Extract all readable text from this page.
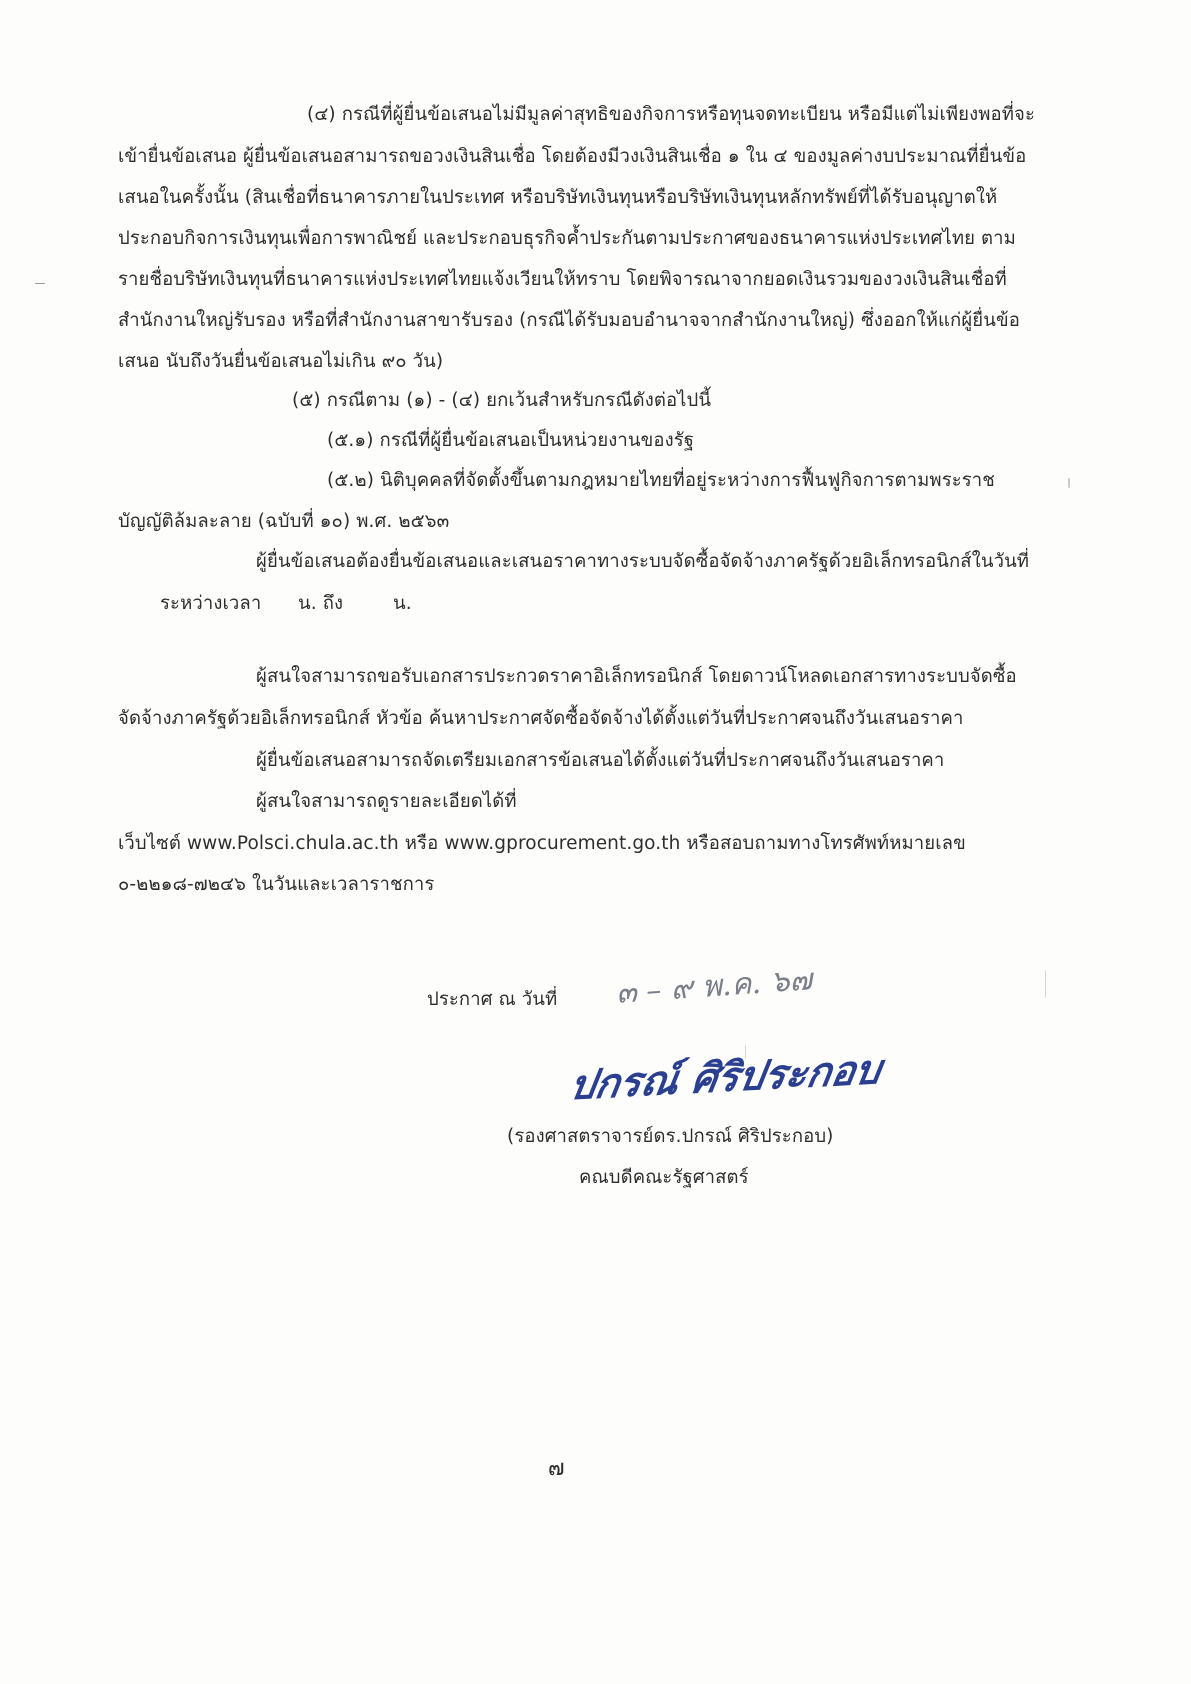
(๔) กรณีที่ผู้ยื่นข้อเสนอไม่มีมูลค่าสุทธิของกิจการหรือทุนจดทะเบียน หรือมีแต่ไม่เพียงพอที่จะ
เข้ายื่นข้อเสนอ ผู้ยื่นข้อเสนอสามารถขอวงเงินสินเชื่อ โดยต้องมีวงเงินสินเชื่อ ๑ ใน ๔ ของมูลค่างบประมาณที่ยื่นข้อ
เสนอในครั้งนั้น (สินเชื่อที่ธนาคารภายในประเทศ หรือบริษัทเงินทุนหรือบริษัทเงินทุนหลักทรัพย์ที่ได้รับอนุญาตให้
ประกอบกิจการเงินทุนเพื่อการพาณิชย์ และประกอบธุรกิจค้ำประกันตามประกาศของธนาคารแห่งประเทศไทย ตาม
รายชื่อบริษัทเงินทุนที่ธนาคารแห่งประเทศไทยแจ้งเวียนให้ทราบ โดยพิจารณาจากยอดเงินรวมของวงเงินสินเชื่อที่
สำนักงานใหญ่รับรอง หรือที่สำนักงานสาขารับรอง (กรณีได้รับมอบอำนาจจากสำนักงานใหญ่) ซึ่งออกให้แก่ผู้ยื่นข้อ
เสนอ นับถึงวันยื่นข้อเสนอไม่เกิน ๙๐ วัน)
(๕) กรณีตาม (๑) - (๔) ยกเว้นสำหรับกรณีดังต่อไปนี้
(๕.๑) กรณีที่ผู้ยื่นข้อเสนอเป็นหน่วยงานของรัฐ
(๕.๒) นิติบุคคลที่จัดตั้งขึ้นตามกฎหมายไทยที่อยู่ระหว่างการฟื้นฟูกิจการตามพระราช
บัญญัติล้มละลาย (ฉบับที่ ๑๐) พ.ศ. ๒๕๖๓
ผู้ยื่นข้อเสนอต้องยื่นข้อเสนอและเสนอราคาทางระบบจัดซื้อจัดจ้างภาครัฐด้วยอิเล็กทรอนิกส์ในวันที่
ระหว่างเวลา น. ถึง	น.
ผู้สนใจสามารถขอรับเอกสารประกวดราคาอิเล็กทรอนิกส์ โดยดาวน์โหลดเอกสารทางระบบจัดซื้อ
จัดจ้างภาครัฐด้วยอิเล็กทรอนิกส์ หัวข้อ ค้นหาประกาศจัดซื้อจัดจ้างได้ตั้งแต่วันที่ประกาศจนถึงวันเสนอราคา
ผู้ยื่นข้อเสนอสามารถจัดเตรียมเอกสารข้อเสนอได้ตั้งแต่วันที่ประกาศจนถึงวันเสนอราคา
ผู้สนใจสามารถดูรายละเอียดได้ที่
เว็บไซต์ www.Polsci.chula.ac.th หรือ www.gprocurement.go.th หรือสอบถามทางโทรศัพท์หมายเลข
๐-๒๒๑๘-๗๒๔๖ ในวันและเวลาราชการ
ประกาศ ณ วันที่ ๓ – ๙ พ.ค. ๖๗
ปกรณ์ ศิริประกอบ
(รองศาสตราจารย์ดร.ปกรณ์ ศิริประกอบ)
คณบดีคณะรัฐศาสตร์
๗
